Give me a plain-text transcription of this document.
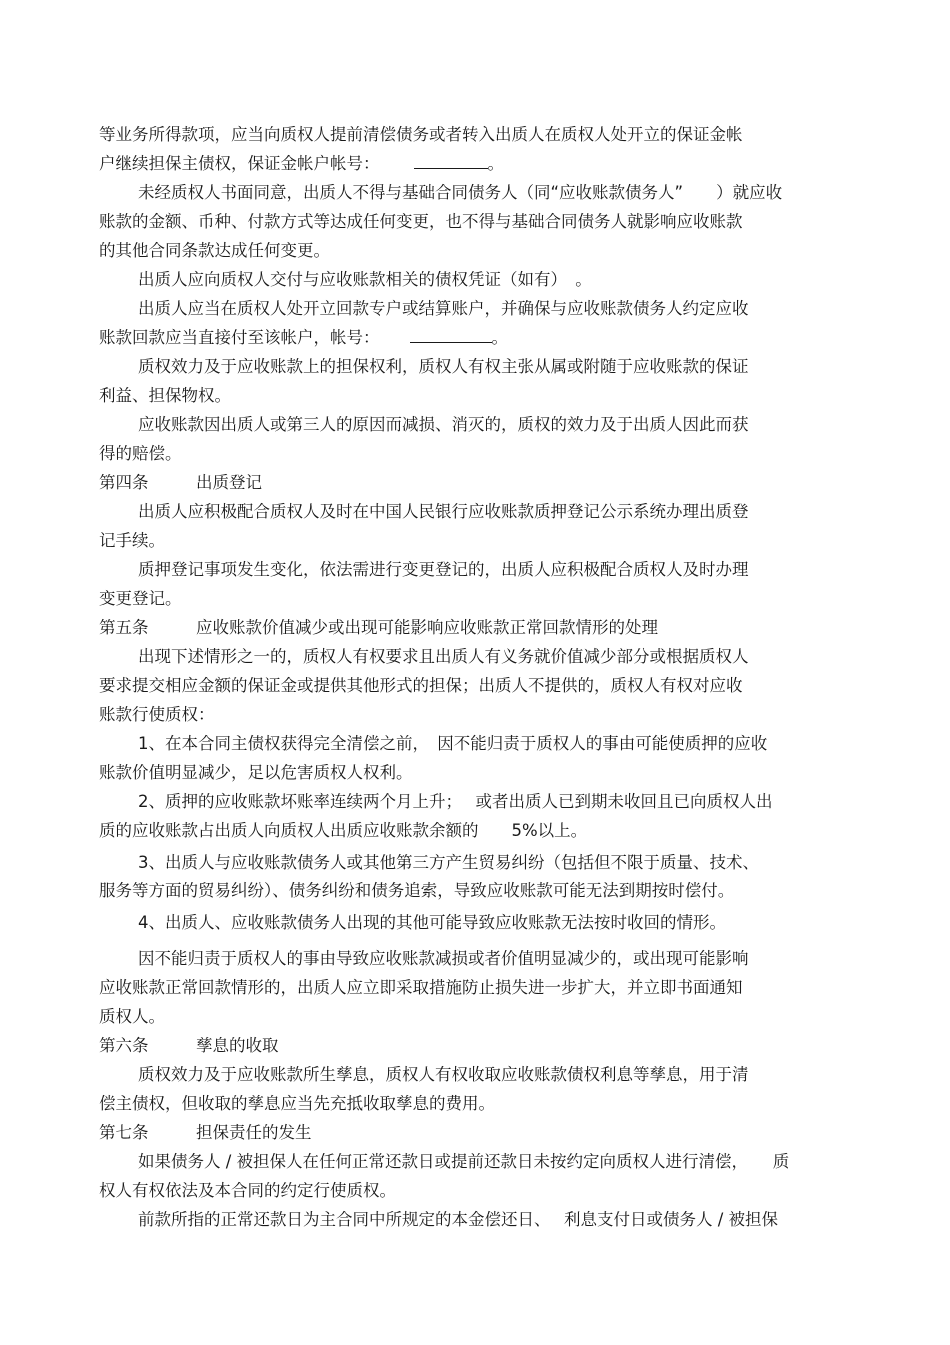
等业务所得款项，应当向质权人提前清偿债务或者转入出质人在质权人处开立的保证金帐
户继续担保主债权，保证金帐户帐号：	。
未经质权人书面同意，出质人不得与基础合同债务人（同“应收账款债务人”　　）就应收
账款的金额、币种、付款方式等达成任何变更，也不得与基础合同债务人就影响应收账款
的其他合同条款达成任何变更。
出质人应向质权人交付与应收账款相关的债权凭证（如有）　。
出质人应当在质权人处开立回款专户或结算账户，并确保与应收账款债务人约定应收
账款回款应当直接付至该帐户，帐号：	。
质权效力及于应收账款上的担保权利，质权人有权主张从属或附随于应收账款的保证
利益、担保物权。
应收账款因出质人或第三人的原因而减损、消灭的，质权的效力及于出质人因此而获
得的赔偿。
第四条	出质登记
出质人应积极配合质权人及时在中国人民银行应收账款质押登记公示系统办理出质登
记手续。
质押登记事项发生变化，依法需进行变更登记的，出质人应积极配合质权人及时办理
变更登记。
第五条	应收账款价值减少或出现可能影响应收账款正常回款情形的处理
出现下述情形之一的，质权人有权要求且出质人有义务就价值减少部分或根据质权人
要求提交相应金额的保证金或提供其他形式的担保；出质人不提供的，质权人有权对应收
账款行使质权：
1、在本合同主债权获得完全清偿之前，　因不能归责于质权人的事由可能使质押的应收
账款价值明显减少，足以危害质权人权利。
2、质押的应收账款坏账率连续两个月上升；　 或者出质人已到期未收回且已向质权人出
质的应收账款占出质人向质权人出质应收账款余额的　　5%以上。
3、出质人与应收账款债务人或其他第三方产生贸易纠纷（包括但不限于质量、技术、
服务等方面的贸易纠纷）、债务纠纷和债务追索，导致应收账款可能无法到期按时偿付。
4、出质人、应收账款债务人出现的其他可能导致应收账款无法按时收回的情形。
因不能归责于质权人的事由导致应收账款减损或者价值明显减少的，或出现可能影响
应收账款正常回款情形的，出质人应立即采取措施防止损失进一步扩大，并立即书面通知
质权人。
第六条	孳息的收取
质权效力及于应收账款所生孳息，质权人有权收取应收账款债权利息等孳息，用于清
偿主债权，但收取的孳息应当先充抵收取孳息的费用。
第七条	担保责任的发生
如果债务人 / 被担保人在任何正常还款日或提前还款日未按约定向质权人进行清偿，　　质
权人有权依法及本合同的约定行使质权。
前款所指的正常还款日为主合同中所规定的本金偿还日、　 利息支付日或债务人 / 被担保
